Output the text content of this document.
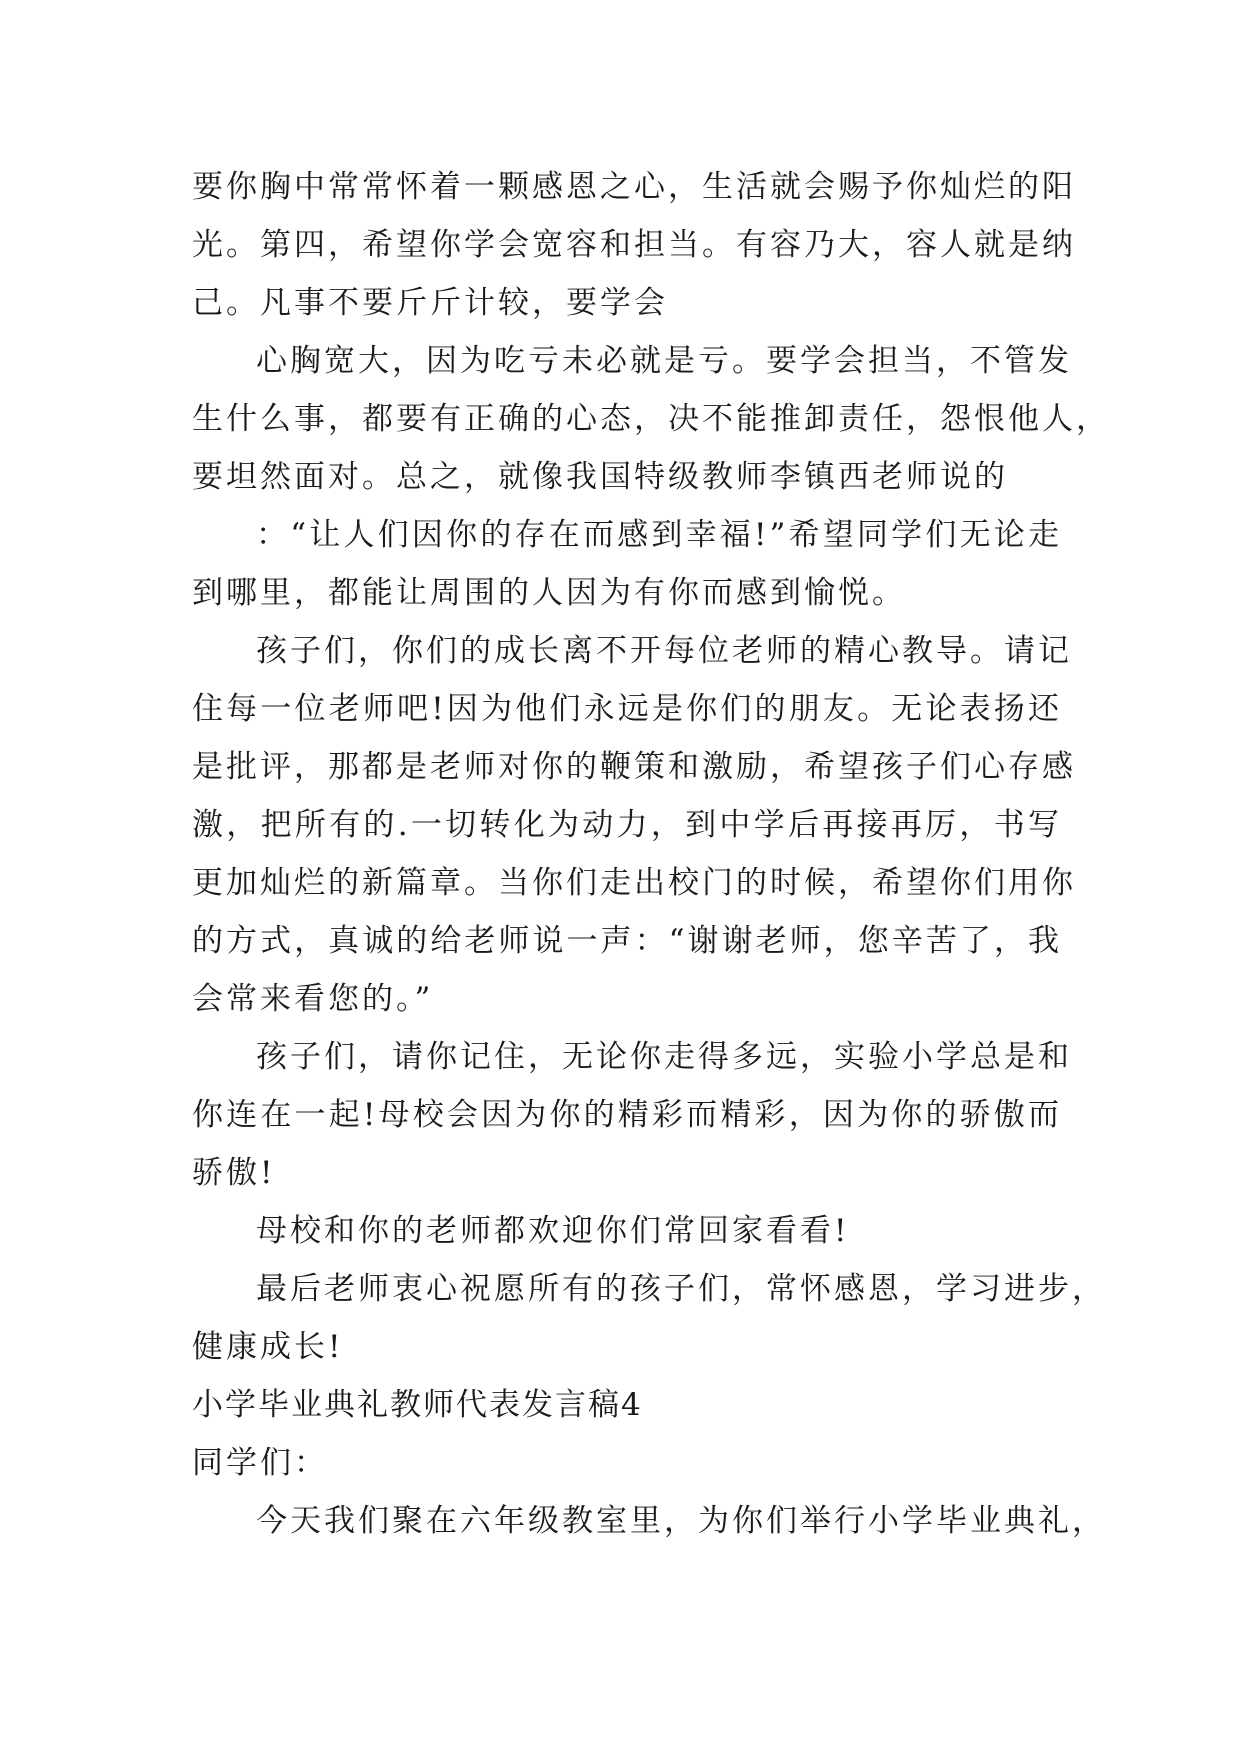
要你胸中常常怀着一颗感恩之心，生活就会赐予你灿烂的阳
光。第四，希望你学会宽容和担当。有容乃大，容人就是纳
己。凡事不要斤斤计较，要学会
心胸宽大，因为吃亏未必就是亏。要学会担当，不管发
生什么事，都要有正确的心态，决不能推卸责任，怨恨他人，
要坦然面对。总之，就像我国特级教师李镇西老师说的
：“让人们因你的存在而感到幸福!”希望同学们无论走
到哪里，都能让周围的人因为有你而感到愉悦。
孩子们，你们的成长离不开每位老师的精心教导。请记
住每一位老师吧!因为他们永远是你们的朋友。无论表扬还
是批评，那都是老师对你的鞭策和激励，希望孩子们心存感
激，把所有的.一切转化为动力，到中学后再接再厉，书写
更加灿烂的新篇章。当你们走出校门的时候，希望你们用你
的方式，真诚的给老师说一声：“谢谢老师，您辛苦了，我
会常来看您的。”
孩子们，请你记住，无论你走得多远，实验小学总是和
你连在一起!母校会因为你的精彩而精彩，因为你的骄傲而
骄傲!
母校和你的老师都欢迎你们常回家看看!
最后老师衷心祝愿所有的孩子们，常怀感恩，学习进步，
健康成长!
小学毕业典礼教师代表发言稿4
同学们：
今天我们聚在六年级教室里，为你们举行小学毕业典礼，
